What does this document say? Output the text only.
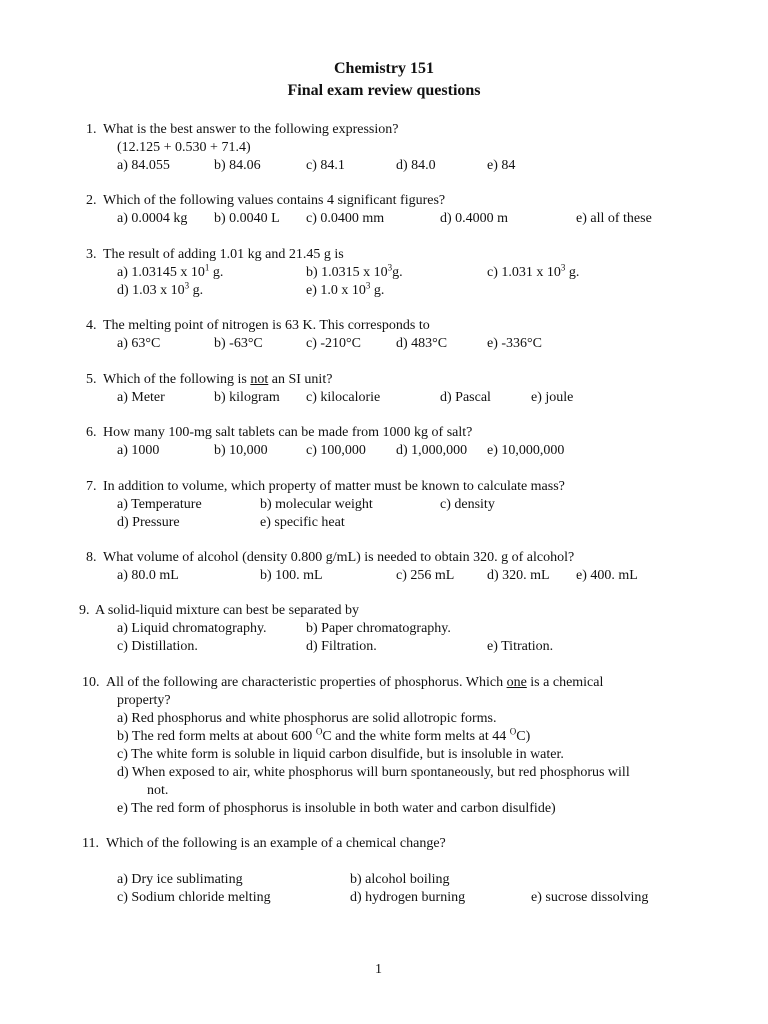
Chemistry 151
Final exam review questions
1. What is the best answer to the following expression?
(12.125 + 0.530 + 71.4)
a) 84.055	b) 84.06	c) 84.1	d) 84.0	e) 84
2. Which of the following values contains 4 significant figures?
a) 0.0004 kg b) 0.0040 L c) 0.0400 mm	d) 0.4000 m	e) all of these
3. The result of adding 1.01 kg and 21.45 g is
a) 1.03145 x $10^1$ g.	b) 1.0315 x $10^3g$.	c) 1.031 x $10^3$ g.
d) 1.03 x $10^3$ g.	e) 1.0 x $10^3$ g.
4. The melting point of nitrogen is 63 K. This corresponds to
a) 63°C	b) -63°C	c) -210°C	d) 483°C	e) -336°C
5. Which of the following is not an SI unit?
a) Meter	b) kilogram c) kilocalorie	d) Pascal	e) joule
6. How many 100-mg salt tablets can be made from 1000 kg of salt?
a) 1000	b) 10,000	c) 100,000 d) 1,000,000 e) 10,000,000
7. In addition to volume, which property of matter must be known to calculate mass?
a) Temperature	b) molecular weight	c) density
d) Pressure	e) specific heat
8. What volume of alcohol (density 0.800 g/mL) is needed to obtain 320. g of alcohol?
a) 80.0 mL	b) 100. mL	c) 256 mL d) 320. mL e) 400. mL
9. A solid-liquid mixture can best be separated by
a) Liquid chromatography.	b) Paper chromatography.
c) Distillation.	d) Filtration.	e) Titration.
10. All of the following are characteristic properties of phosphorus. Which one is a chemical
property?
a) Red phosphorus and white phosphorus are solid allotropic forms.
b) The red form melts at about 600 $^O$C and the white form melts at 44 $^O$C)
c) The white form is soluble in liquid carbon disulfide, but is insoluble in water.
d) When exposed to air, white phosphorus will burn spontaneously, but red phosphorus will
not.
e) The red form of phosphorus is insoluble in both water and carbon disulfide)
11. Which of the following is an example of a chemical change?
a) Dry ice sublimating	b) alcohol boiling
c) Sodium chloride melting	d) hydrogen burning	e) sucrose dissolving
1
